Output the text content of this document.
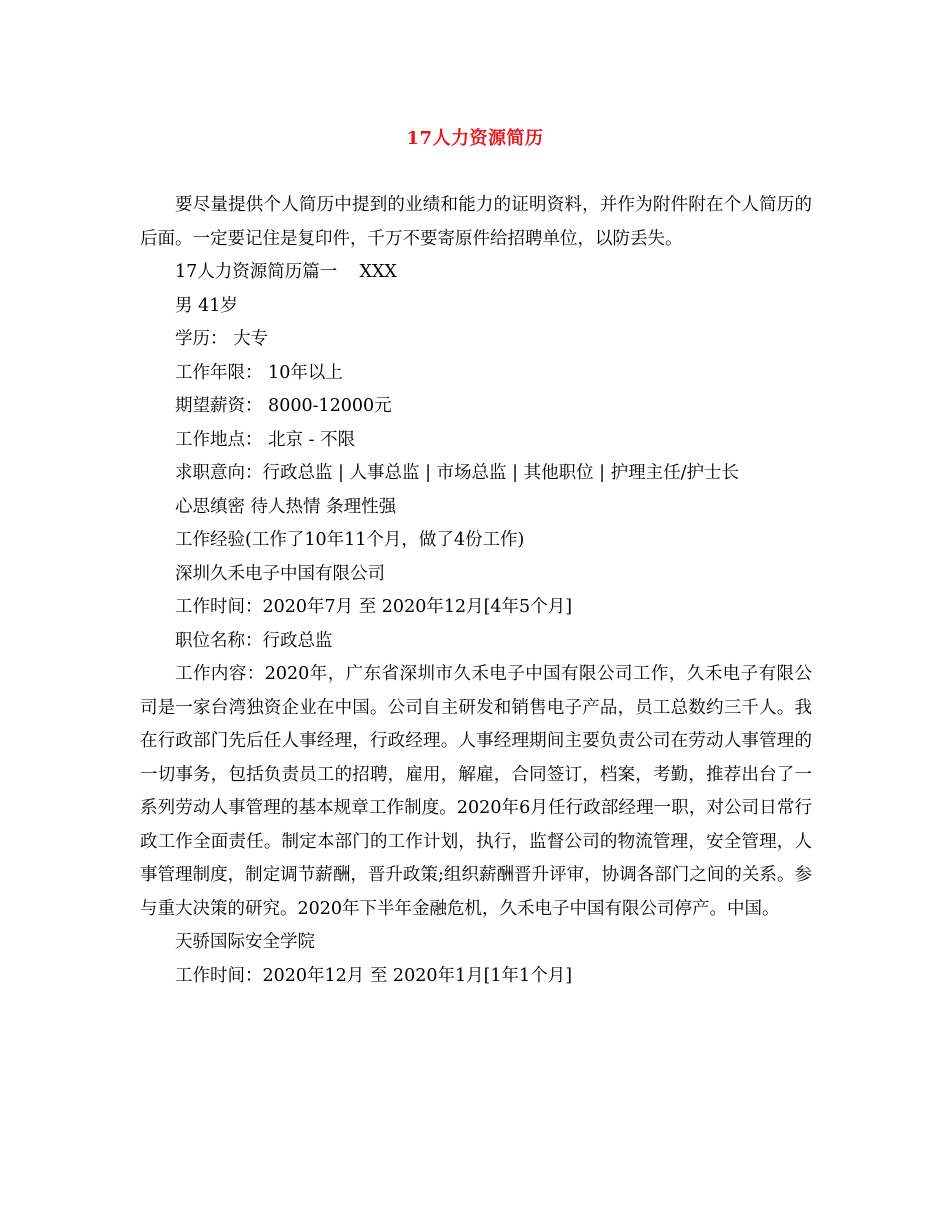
17人力资源简历

要尽量提供个人简历中提到的业绩和能力的证明资料，并作为附件附在个人简历的后面。一定要记住是复印件，千万不要寄原件给招聘单位，以防丢失。

17人力资源简历篇一    XXX

男 41岁

学历： 大专

工作年限： 10年以上

期望薪资： 8000-12000元

工作地点： 北京 - 不限

求职意向：行政总监 | 人事总监 | 市场总监 | 其他职位 | 护理主任/护士长

心思缜密 待人热情 条理性强

工作经验(工作了10年11个月，做了4份工作)

深圳久禾电子中国有限公司

工作时间：2020年7月 至 2020年12月[4年5个月]

职位名称：行政总监

工作内容：2020年，广东省深圳市久禾电子中国有限公司工作，久禾电子有限公司是一家台湾独资企业在中国。公司自主研发和销售电子产品，员工总数约三千人。我在行政部门先后任人事经理，行政经理。人事经理期间主要负责公司在劳动人事管理的一切事务，包括负责员工的招聘，雇用，解雇，合同签订，档案，考勤，推荐出台了一系列劳动人事管理的基本规章工作制度。2020年6月任行政部经理一职，对公司日常行政工作全面责任。制定本部门的工作计划，执行，监督公司的物流管理，安全管理，人事管理制度，制定调节薪酬，晋升政策;组织薪酬晋升评审，协调各部门之间的关系。参与重大决策的研究。2020年下半年金融危机，久禾电子中国有限公司停产。中国。

天骄国际安全学院

工作时间：2020年12月 至 2020年1月[1年1个月]
